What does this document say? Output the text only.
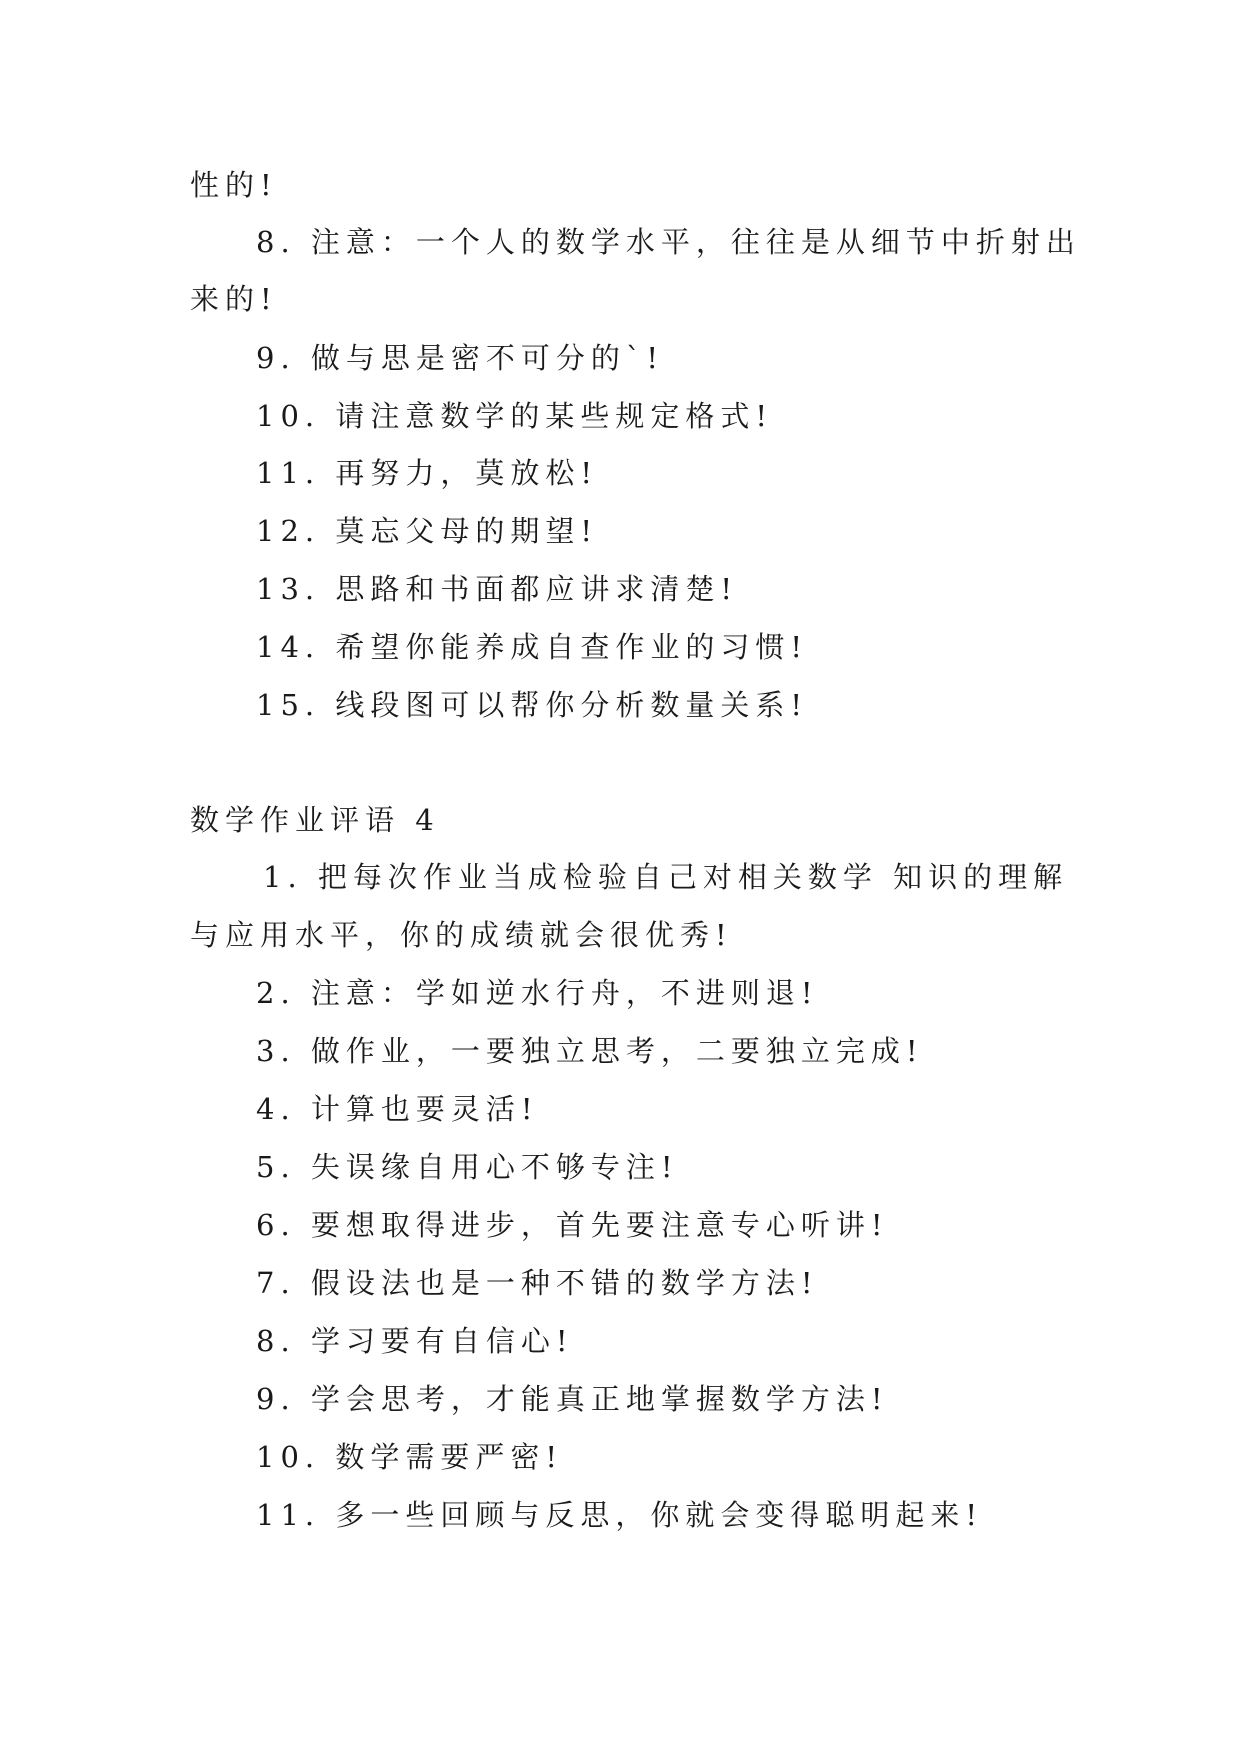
性的!
8. 注意：一个人的数学水平，往往是从细节中折射出
来的!
9. 做与思是密不可分的`!
10. 请注意数学的某些规定格式!
11. 再努力，莫放松!
12. 莫忘父母的期望!
13. 思路和书面都应讲求清楚!
14. 希望你能养成自查作业的习惯!
15. 线段图可以帮你分析数量关系!
数学作业评语 4
1. 把每次作业当成检验自己对相关数学 知识的理解
与应用水平，你的成绩就会很优秀!
2. 注意：学如逆水行舟，不进则退!
3. 做作业，一要独立思考，二要独立完成!
4. 计算也要灵活!
5. 失误缘自用心不够专注!
6. 要想取得进步，首先要注意专心听讲!
7. 假设法也是一种不错的数学方法!
8. 学习要有自信心!
9. 学会思考，才能真正地掌握数学方法!
10. 数学需要严密!
11. 多一些回顾与反思，你就会变得聪明起来!
